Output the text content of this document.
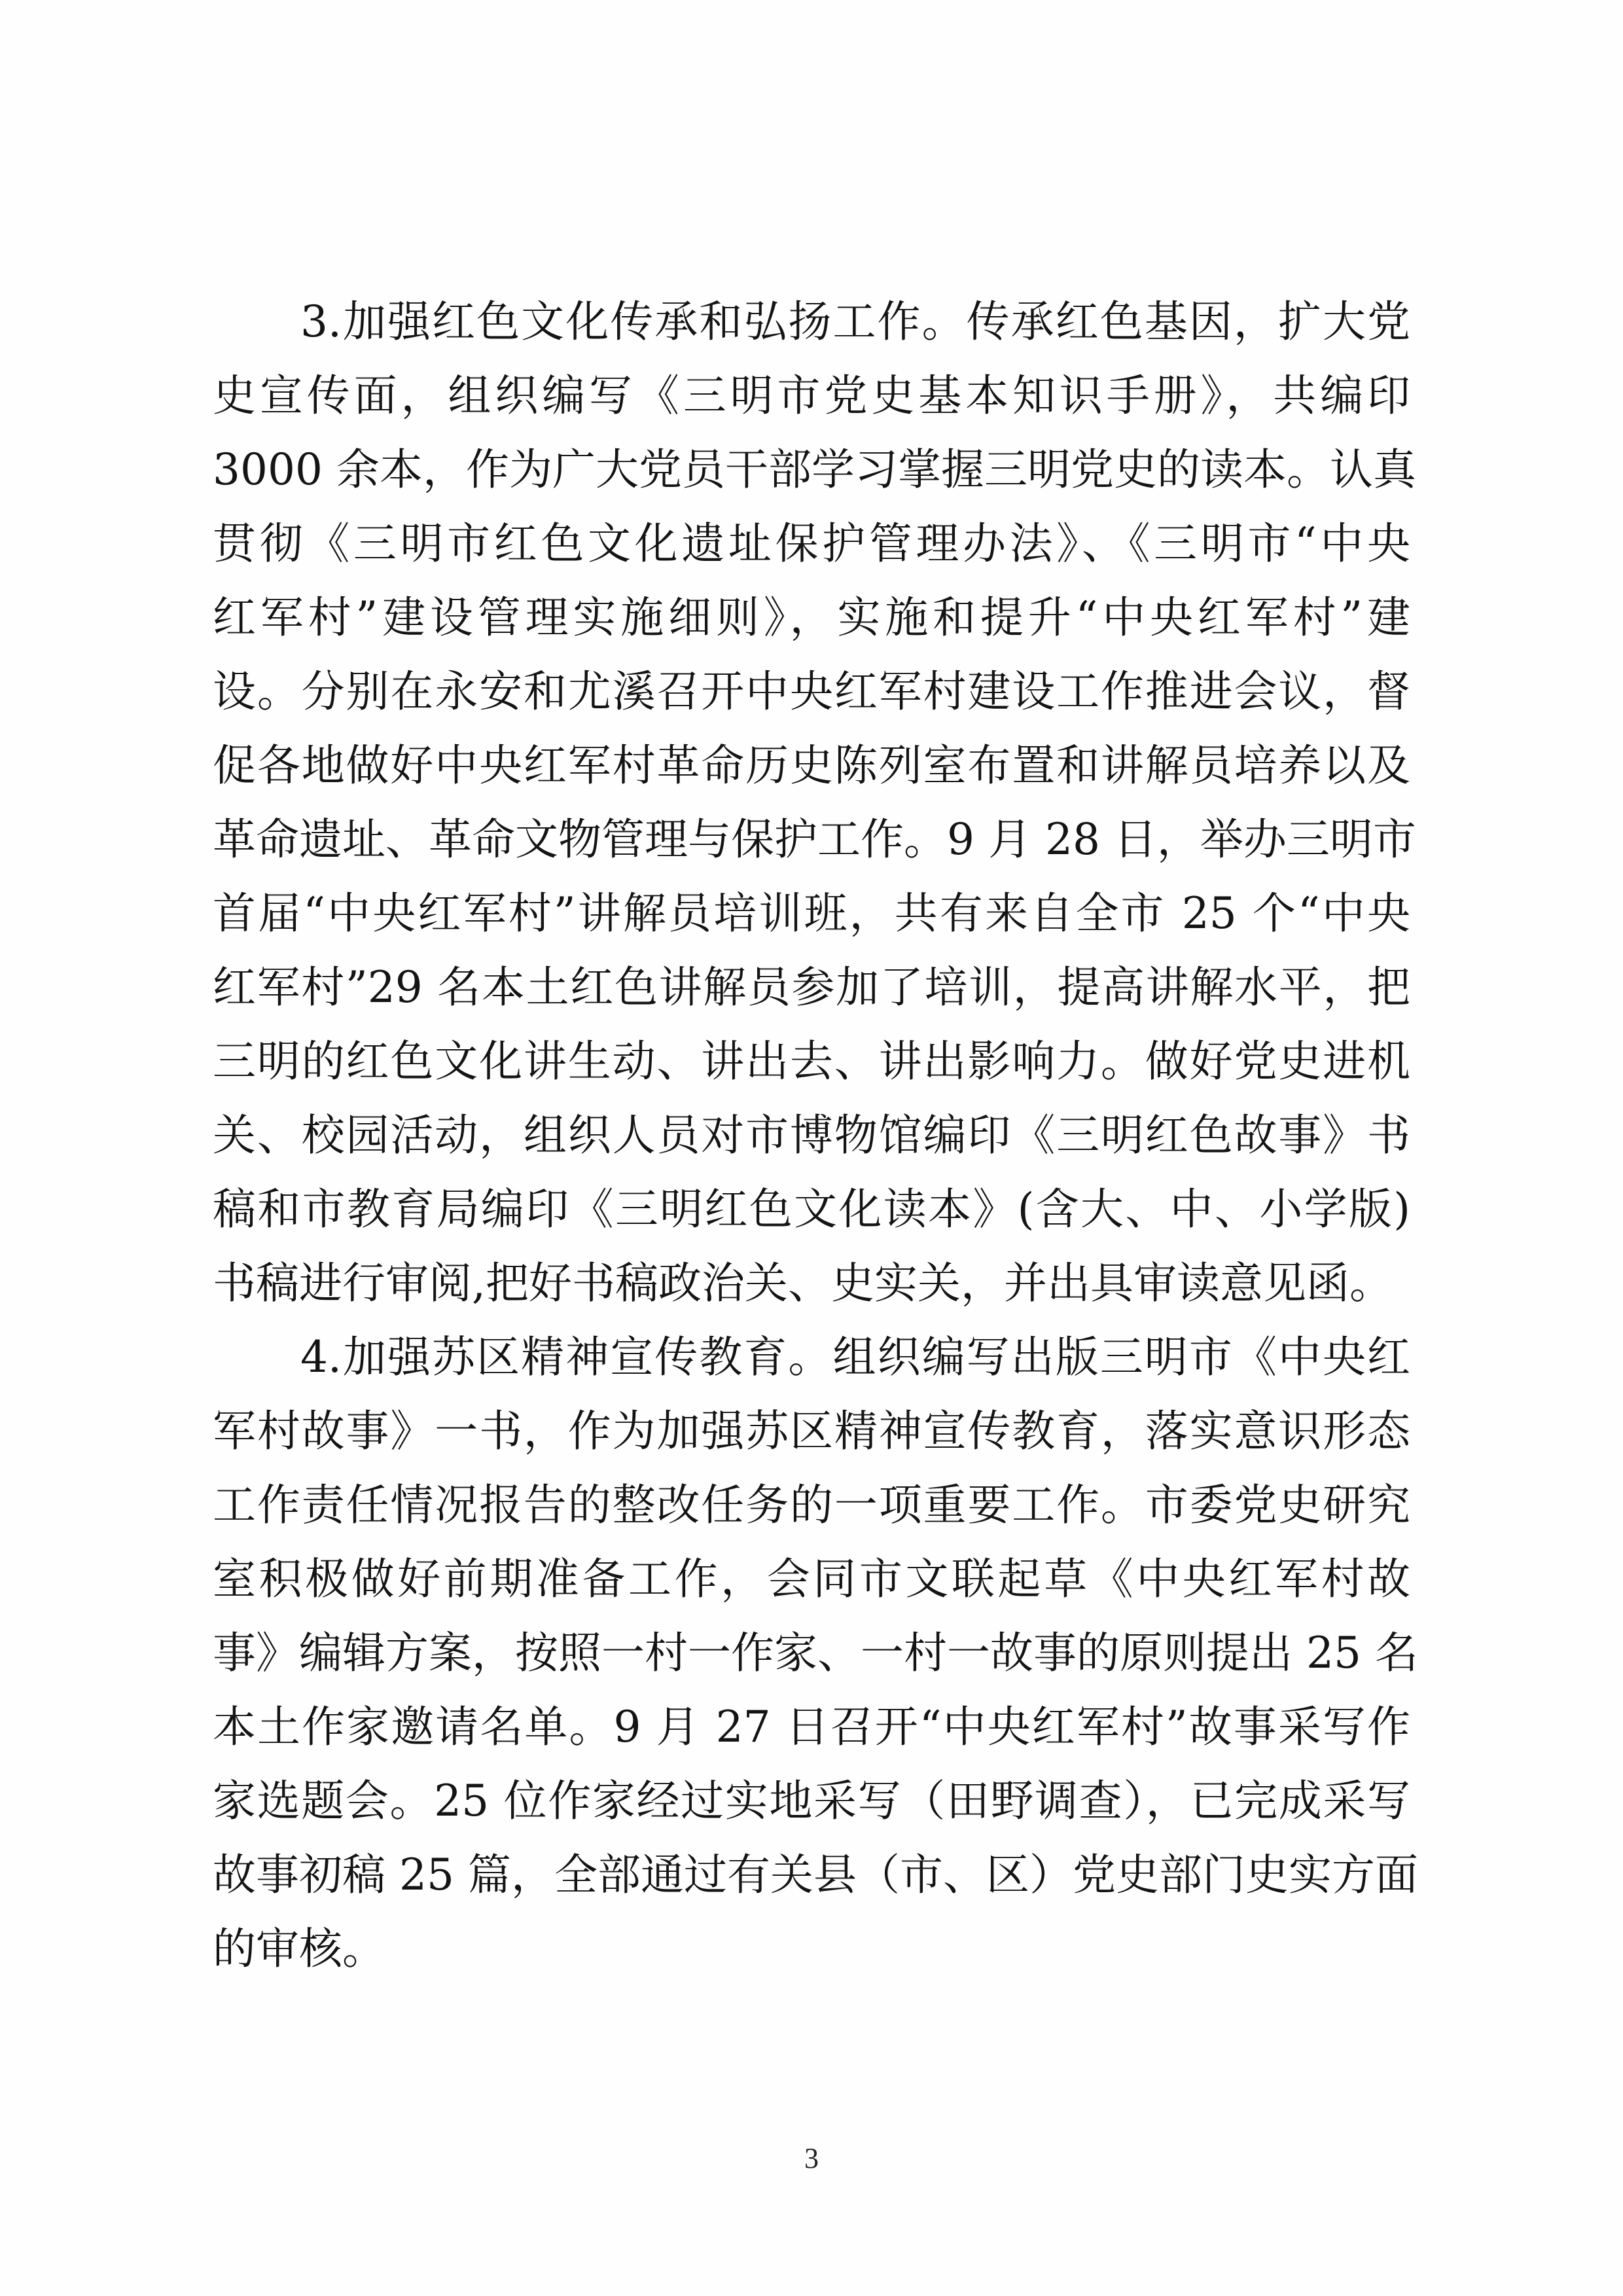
3.加强红色文化传承和弘扬工作。传承红色基因，扩大党
史宣传面，组织编写《三明市党史基本知识手册》，共编印
3000 余本，作为广大党员干部学习掌握三明党史的读本。认真
贯彻《三明市红色文化遗址保护管理办法》、《三明市“中央
红军村”建设管理实施细则》，实施和提升“中央红军村”建
设。分别在永安和尤溪召开中央红军村建设工作推进会议，督
促各地做好中央红军村革命历史陈列室布置和讲解员培养以及
革命遗址、革命文物管理与保护工作。9 月 28 日，举办三明市
首届“中央红军村”讲解员培训班，共有来自全市 25 个“中央
红军村”29 名本土红色讲解员参加了培训，提高讲解水平，把
三明的红色文化讲生动、讲出去、讲出影响力。做好党史进机
关、校园活动，组织人员对市博物馆编印《三明红色故事》书
稿和市教育局编印《三明红色文化读本》(含大、中、小学版)
书稿进行审阅,把好书稿政治关、史实关，并出具审读意见函。
4.加强苏区精神宣传教育。组织编写出版三明市《中央红
军村故事》一书，作为加强苏区精神宣传教育，落实意识形态
工作责任情况报告的整改任务的一项重要工作。市委党史研究
室积极做好前期准备工作，会同市文联起草《中央红军村故
事》编辑方案，按照一村一作家、一村一故事的原则提出 25 名
本土作家邀请名单。9 月 27 日召开“中央红军村”故事采写作
家选题会。25 位作家经过实地采写（田野调查），已完成采写
故事初稿 25 篇，全部通过有关县（市、区）党史部门史实方面
的审核。
3
